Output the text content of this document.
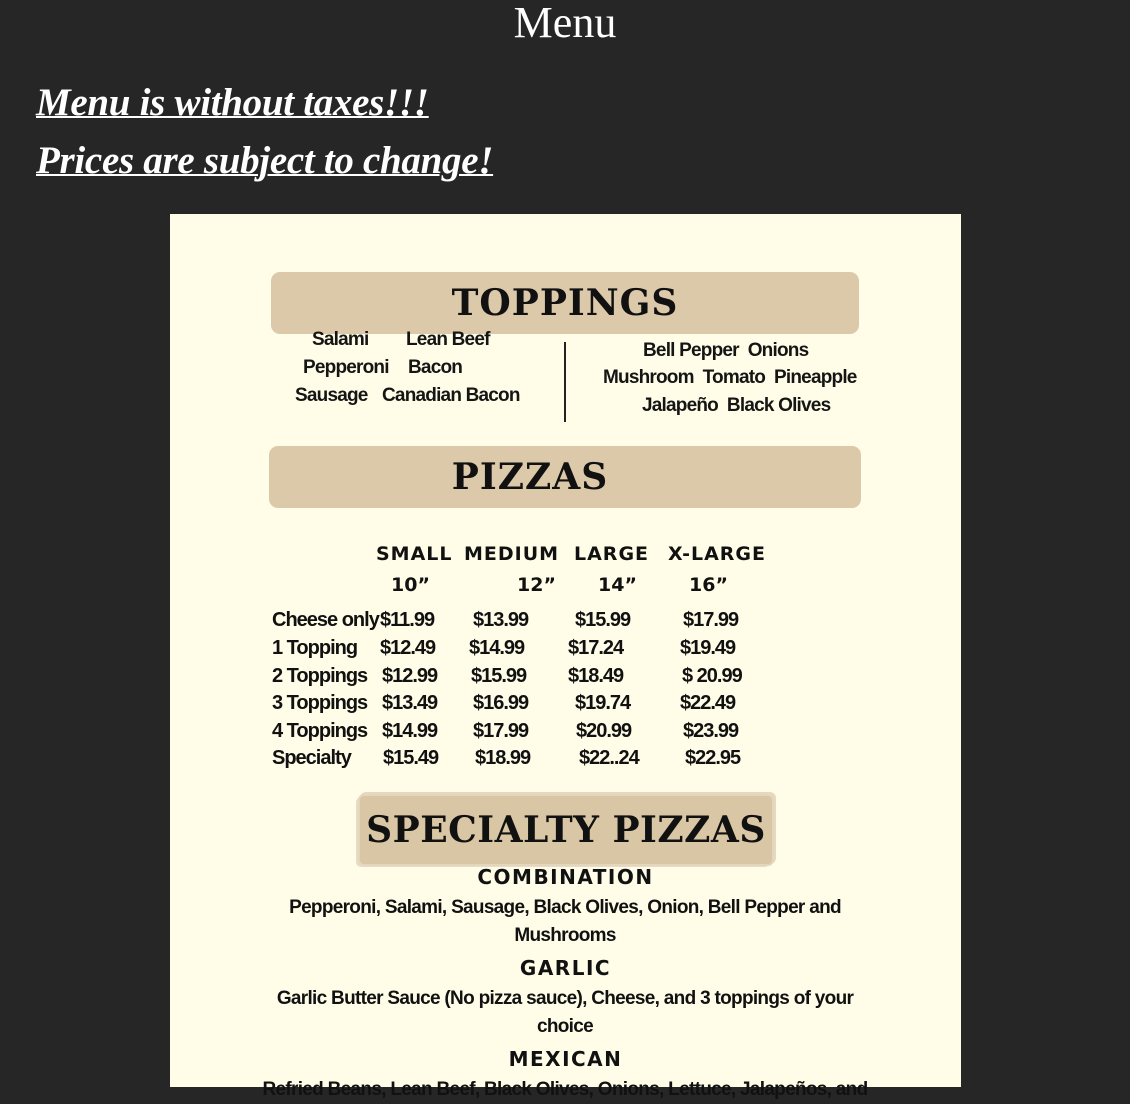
Menu

Menu is without taxes!!!

Prices are subject to change!

TOPPINGS
Salami Lean Beef
Pepperoni Bacon
Sausage Canadian Bacon
Bell Pepper  Onions
Mushroom  Tomato  Pineapple
Jalapeño  Black Olives
PIZZAS
SMALL MEDIUM LARGE X-LARGE
10”	12” 14”	16”
Cheese only $11.99 $13.99 $15.99	$17.99
1 Topping $12.49 $14.99 $17.24	$19.49
2 Toppings $12.99 $15.99 $18.49	$ 20.99
3 Toppings $13.49 $16.99 $19.74 $22.49
4 Toppings $14.99 $17.99 $20.99	$23.99
Specialty $15.49 $18.99 $22..24 $22.95
SPECIALTY PIZZAS
COMBINATION
Pepperoni, Salami, Sausage, Black Olives, Onion, Bell Pepper and
Mushrooms
GARLIC
Garlic Butter Sauce (No pizza sauce), Cheese, and 3 toppings of your
choice
MEXICAN
Refried Beans, Lean Beef, Black Olives, Onions, Lettuce, Jalapeños, and
